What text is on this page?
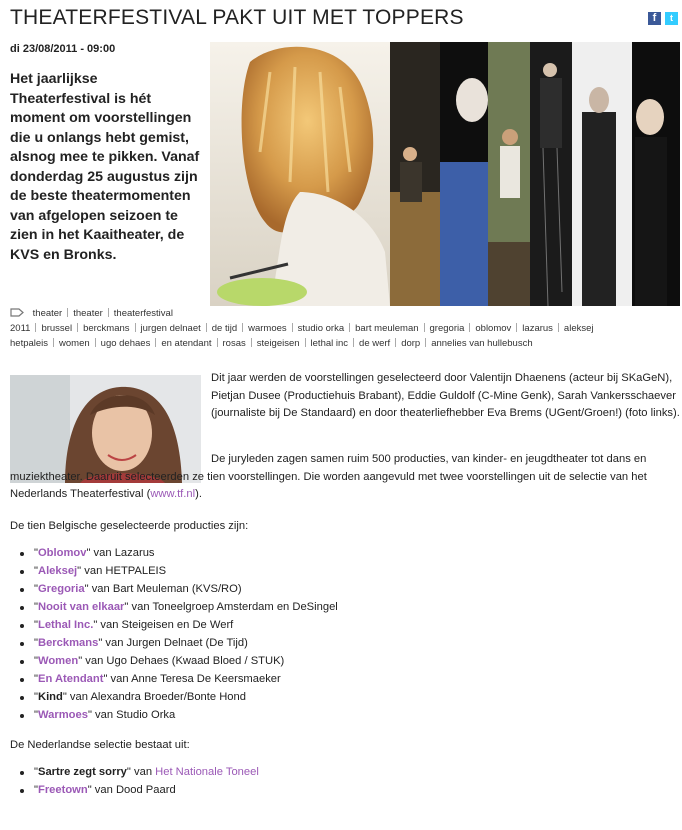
THEATERFESTIVAL PAKT UIT MET TOPPERS	f	t
di 23/08/2011 - 09:00

Het jaarlijkse Theaterfestival is hét moment om voorstellingen die u onlangs hebt gemist, alsnog mee te pikken. Vanaf donderdag 25 augustus zijn de beste theatermomenten van afgelopen seizoen te zien in het Kaaitheater, de KVS en Bronks.

theater theater theaterfestival
2011 brussel berckmans jurgen delnaet de tijd warmoes studio orka bart meuleman gregoria oblomov lazarus aleksej
hetpaleis women ugo dehaes en atendant rosas steigeisen lethal inc de werf dorp annelies van hullebusch

Dit jaar werden de voorstellingen geselecteerd door Valentijn Dhaenens (acteur bij SKaGeN), Pietjan Dusee (Productiehuis Brabant), Eddie Guldolf (C-Mine Genk), Sarah Vankersschaever (journaliste bij De Standaard) en door theaterliefhebber Eva Brems (UGent/Groen!) (foto links).

De juryleden zagen samen ruim 500 producties, van kinder- en jeugdtheater tot dans en muziektheater. Daaruit selecteerden ze tien voorstellingen. Die worden aangevuld met twee voorstellingen uit de selectie van het Nederlands Theaterfestival (www.tf.nl).

De tien Belgische geselecteerde producties zijn:

"Oblomov" van Lazarus
"Aleksej" van HETPALEIS
"Gregoria" van Bart Meuleman (KVS/RO)
"Nooit van elkaar" van Toneelgroep Amsterdam en DeSingel
"Lethal Inc." van Steigeisen en De Werf
"Berckmans" van Jurgen Delnaet (De Tijd)
"Women" van Ugo Dehaes (Kwaad Bloed / STUK)
"En Atendant" van Anne Teresa De Keersmaeker
"Kind" van Alexandra Broeder/Bonte Hond
"Warmoes" van Studio Orka

De Nederlandse selectie bestaat uit:

"Sartre zegt sorry" van Het Nationale Toneel
"Freetown" van Dood Paard
